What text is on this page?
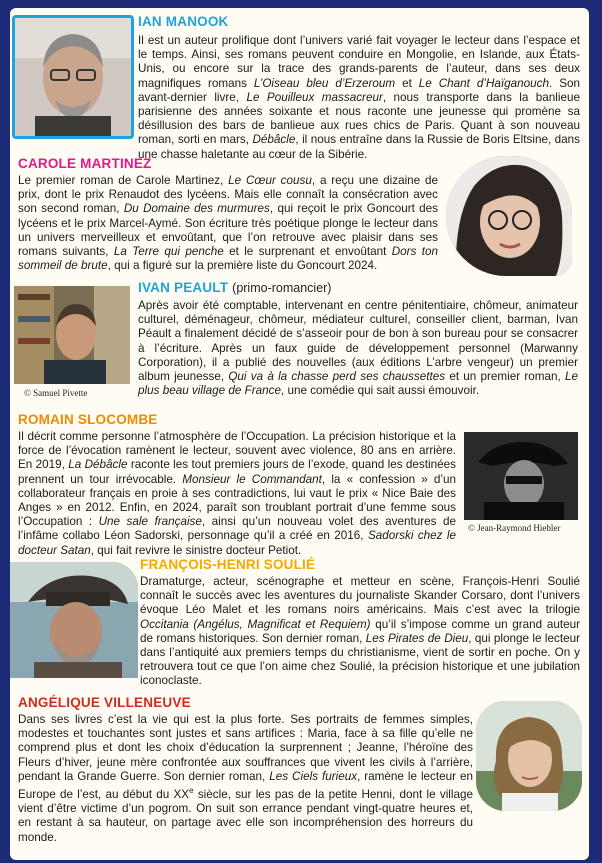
IAN MANOOK
Il est un auteur prolifique dont l’univers varié fait voyager le lecteur dans l’espace et le temps. Ainsi, ses romans peuvent conduire en Mongolie, en Islande, aux États-Unis, ou encore sur la trace des grands-parents de l’auteur, dans ses deux magnifiques romans L’Oiseau bleu d’Erzeroum et Le Chant d’Haïganouch. Son avant-dernier livre, Le Pouilleux massacreur, nous transporte dans la banlieue parisienne des années soixante et nous raconte une jeunesse qui promène sa désillusion des bars de banlieue aux rues chics de Paris. Quant à son nouveau roman, sorti en mars, Débâcle, il nous entraîne dans la Russie de Boris Eltsine, dans une chasse haletante au cœur de la Sibérie.
CAROLE MARTINEZ
Le premier roman de Carole Martinez, Le Cœur cousu, a reçu une dizaine de prix, dont le prix Renaudot des lycéens. Mais elle connaît la consécration avec son second roman, Du Domaine des murmures, qui reçoit le prix Goncourt des lycéens et le prix Marcel-Aymé. Son écriture très poétique plonge le lecteur dans un univers merveilleux et envoûtant, que l’on retrouve avec plaisir dans ses romans suivants, La Terre qui penche et le surprenant et envoûtant Dors ton sommeil de brute, qui a figuré sur la première liste du Goncourt 2024.
© Samuel Pivette
IVAN PEAULT (primo-romancier)
Après avoir été comptable, intervenant en centre pénitentiaire, chômeur, animateur culturel, déménageur, chômeur, médiateur culturel, conseiller client, barman, Ivan Péault a finalement décidé de s’asseoir pour de bon à son bureau pour se consacrer à l’écriture. Après un faux guide de développement personnel (Marwanny Corporation), il a publié des nouvelles (aux éditions L’arbre vengeur) un premier album jeunesse, Qui va à la chasse perd ses chaussettes et un premier roman, Le plus beau village de France, une comédie qui sait aussi émouvoir.
ROMAIN SLOCOMBE
Il décrit comme personne l’atmosphère de l’Occupation. La précision historique et la force de l’évocation ramènent le lecteur, souvent avec violence, 80 ans en arrière. En 2019, La Débâcle raconte les tout premiers jours de l’exode, quand les destinées prennent un tour irrévocable. Monsieur le Commandant, la « confession » d’un collaborateur français en proie à ses contradictions, lui vaut le prix « Nice Baie des Anges » en 2012. Enfin, en 2024, paraît son troublant portrait d’une femme sous l’Occupation : Une sale française, ainsi qu’un nouveau volet des aventures de l’infâme collabo Léon Sadorski, personnage qu’il a créé en 2016, Sadorski chez le docteur Satan, qui fait revivre le sinistre docteur Petiot.
© Jean-Raymond Hiebler
FRANÇOIS-HENRI SOULIÉ
Dramaturge, acteur, scénographe et metteur en scène, François-Henri Soulié connaît le succès avec les aventures du journaliste Skander Corsaro, dont l’univers évoque Léo Malet et les romans noirs américains. Mais c’est avec la trilogie Occitania (Angélus, Magnificat et Requiem) qu’il s’impose comme un grand auteur de romans historiques. Son dernier roman, Les Pirates de Dieu, qui plonge le lecteur dans l’antiquité aux premiers temps du christianisme, vient de sortir en poche. On y retrouvera tout ce que l’on aime chez Soulié, la précision historique et une jubilation iconoclaste.
ANGÉLIQUE VILLENEUVE
Dans ses livres c’est la vie qui est la plus forte. Ses portraits de femmes simples, modestes et touchantes sont justes et sans artifices : Maria, face à sa fille qu’elle ne comprend plus et dont les choix d’éducation la surprennent ; Jeanne, l’héroïne des Fleurs d’hiver, jeune mère confrontée aux souffrances que vivent les civils à l’arrière, pendant la Grande Guerre. Son dernier roman, Les Ciels furieux, ramène le lecteur en Europe de l’est, au début du XXe siècle, sur les pas de la petite Henni, dont le village vient d’être victime d’un pogrom. On suit son errance pendant vingt-quatre heures et, en restant à sa hauteur, on partage avec elle son incompréhension des horreurs du monde.
